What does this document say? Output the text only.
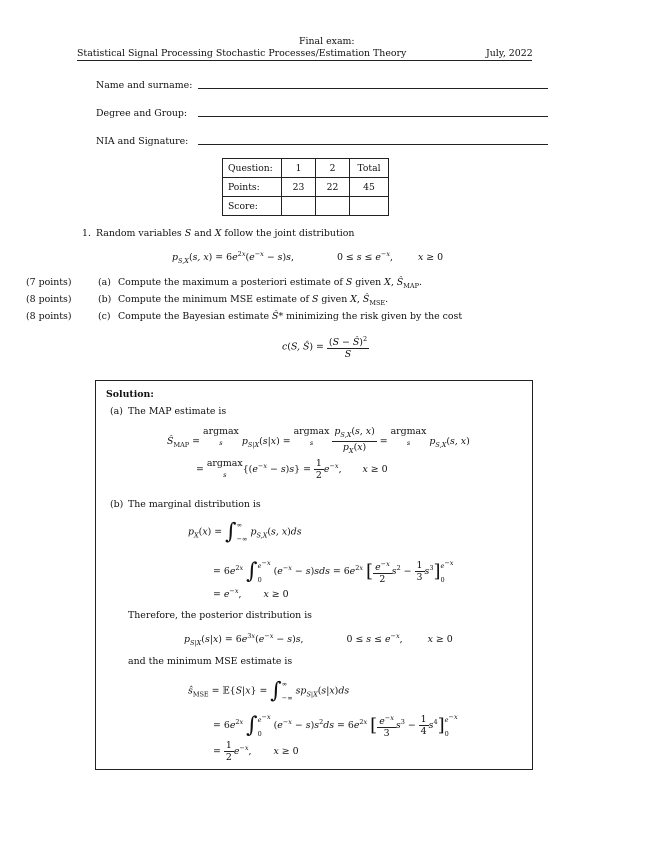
Final exam:
Statistical Signal Processing Stochastic Processes/Estimation Theory	July, 2022
Name and surname:
Degree and Group:
NIA and Signature:
Question:	1	2	Total
Points:	23	22	45
Score:			
1. Random variables S and X follow the joint distribution
$p_{S,X}(s$, $x) = 6e^{2x}(e^{-x} - s)s$,	$0 \le s \le e^{-x}$, x ≥ 0
(7 points)	(a) Compute the maximum a posteriori estimate of S given X, $Ŝ_{MAP}$.
(8 points)	(b) Compute the minimum MSE estimate of S given X, $Ŝ_{MSE}$.
(8 points)	(c) Compute the Bayesian estimate Ŝ* minimizing the risk given by the cost
c(S, Ŝ) = $\frac{(S - Ŝ)^2}{S}$
Solution:
(a) The MAP estimate is
$Ŝ_{MAP} = argmax$
s $p_{S|X}(s|x) = argmax$
s $\frac{p_{S,X}(s, x)}{p_X(x)} = argmax$
s $p_{S,X}(s$, x)
= argmax
s $\{(e^{-x} - s)s\} = \frac{1}{2} e^{-x}$, x ≥ 0
(b) The marginal distribution is
$p_X(x)$ = ∫∞
−∞ $p_{S,X}(s$, x)ds
= $6e^{2x}$ $\int e^{-x}$
0 $(e^{-x} - s)sds = 6e^{2x}$ [ $\frac{e^{-x}}{2} s^2 - \frac{1}{3} s^3]e^{-x}$
0
= $e^{-x}$, x ≥ 0
Therefore, the posterior distribution is
$p_{S|X}(s|x) = 6e^{3x}(e^{-x} - s)s$,	$0 \le s \le e^{-x}$, x ≥ 0
and the minimum MSE estimate is
$ŝ_{MSE}$ = 𝔼{S|x} = ∫∞
−∞ $sp_{S|X}(s|x)ds$
= $6e^{2x}$ $\int e^{-x}$
0 $(e^{-x} - s)s^2ds = 6e^{2x}$ [ $\frac{e^{-x}}{3} s^3 - \frac{1}{4} s^4]e^{-x}$
0
= $\frac{1}{2} e^{-x}$, x ≥ 0
